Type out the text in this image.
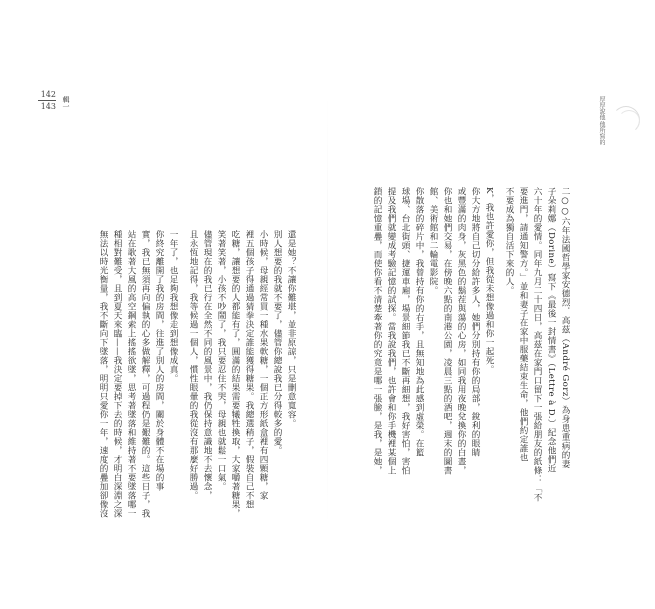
142
143 輯一	厚厚說他
他所寫的
二○○六年法國哲學家安德烈．高茲（André Gorz）為身患重病的妻
子朵莉娜（Dorine）寫下《最後一封情書》（Lettre à D.）紀念他們近
六十年的愛情。同年九月二十四日，高茲在家門口留下一張給朋友的紙條：「不
要進門，請通知警方。」並和妻子在家中服藥結束生命，他們約定誰也
不要成為獨自活下來的人。
K，我也許愛你，但我從未想像過和你一起死。
你大方地將自己切分給許多人，她們分別持有你的局部，銳利的眼睛
或豐滿的肉身，灰黑色的鬍茬與蕩的心房，如同我用夜晚兌換你的白晝，
你也和她們交易，在傍晚六點的南港公園，凌晨三點的酒吧，週末的圖書
館、美術館和二輪電影院。
你散落的碎片中，我曾持有你的右手，且無知地為此感到虛榮。在籃
球場、台北街頭、捷運車廂，場景細節我已不斷再細想，我好害怕，害怕
提及我們就變成考驗記憶的試探。當我說我們，也許會和你手機裡某個上
鎖的記憶重疊，而使你看不清楚牽著你的究竟是哪一張臉，是我，是她，
還是她？不讓你難堪，並非原諒，只是刪意寬容。
別人想要的我就不要了，儘管你總說我已分得較多的愛。
小時候，母親經常買一種水果軟糖，一個正方形紙盒裡有四顆糖，家
裡五個孩子得通過猜拳決定誰能獲得糖果。我總選稍子，假裝自己不想
吃糖，讓想要的人都能有了，圓滿的結果需要犧牲換取，大家嚼著糖果，
笑著笑著，小孩不吵鬧了，我只要忍住不哭，母親也就鬆一口氣。
儘管現在的我已行在全然不同的風景中，我仍保持意識地不去懷念，
且永恆地記得，我等候過一個人，慣性眼暈的我從沒有那麼好勝過。
一年了，也足夠我想像走到想像成真。
你終究離開了我的房間，往進了別人的房間，關於身體不在場的事
實，我已無須再向偏執的心多做解釋，可過程仍是艱難的。這些日子，我
站在歌著大風的高空鋼索上搖搖欲墜，思考著墜落和維持著不要墜落哪一
種相對難受，且到夏天來臨——我決定要掉下去的時候，才明白深淵之深
無法以時光衡量，我不斷向下墜落，明明只愛你一年，速度的疊加卻像沒
